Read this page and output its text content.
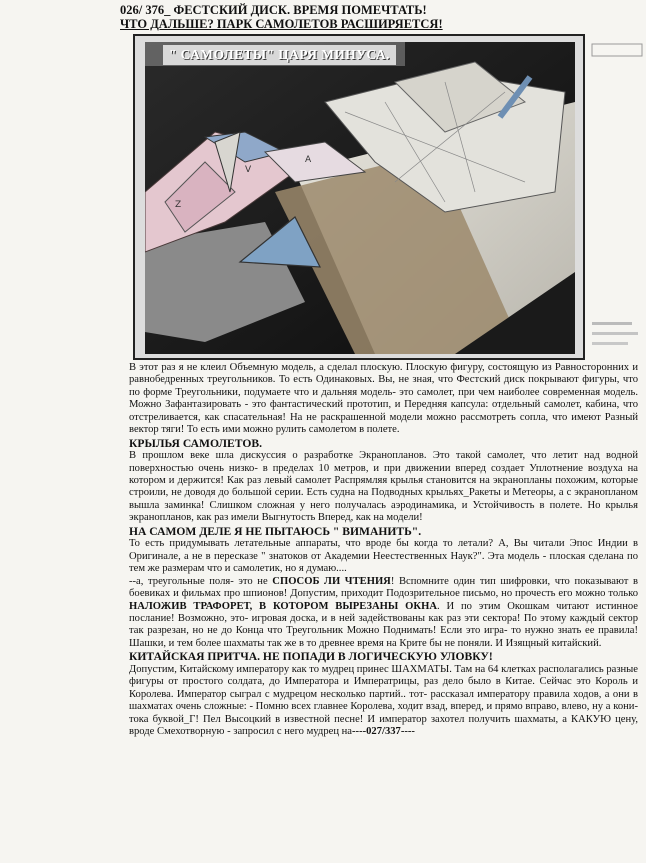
026/ 376_ ФЕСТСКИЙ ДИСК. ВРЕМЯ ПОМЕЧТАТЬ!
ЧТО ДАЛЬШЕ? ПАРК САМОЛЕТОВ РАСШИРЯЕТСЯ!
Z
V
A
" САМОЛЕТЫ" ЦАРЯ МИНУСА.

В этот раз я не клеил Объемную модель, а сделал плоскую. Плоскую фигуру, состоящую из Равносторонних и равнобедренных треугольников. То есть Одинаковых. Вы, не зная, что Фестский диск покрывают фигуры, что по форме Треугольники, подумаете что и дальняя модель- это самолет, при чем наиболее современная модель. Можно Зафантазировать - это фантастический прототип, и Передняя капсула: отдельный самолет, кабина, что отстреливается, как спасательная! На не раскрашенной модели можно рассмотреть сопла, что имеют Разный вектор тяги! То есть ими можно рулить самолетом в полете.

КРЫЛЬЯ САМОЛЕТОВ.

В прошлом веке шла дискуссия о разработке Экранопланов. Это такой самолет, что летит над водной поверхностью очень низко- в пределах 10 метров, и при движении вперед создает Уплотнение воздуха на котором и держится! Как раз левый самолет Распрямляя крылья становится на экранопланы похожим, которые строили, не доводя до большой серии. Есть судна на Подводных крыльях_Ракеты и Метеоры, а с экранопланом вышла заминка! Слишком сложная у него получалась аэродинамика, и Устойчивость в полете. Но крылья экранопланов, как раз имели Выгнутость Вперед, как на модели!

НА САМОМ ДЕЛЕ Я НЕ ПЫТАЮСЬ " ВИМАНИТЬ".

То есть придумывать летательные аппараты, что вроде бы когда то летали? А, Вы читали Эпос Индии в Оригинале, а не в пересказе " знатоков от Академии Неестественных Наук?". Эта модель - плоская сделана по тем же размерам что и самолетик, но я думаю....

--а, треугольные поля- это не СПОСОБ ЛИ ЧТЕНИЯ! Вспомните один тип шифровки, что показывают в боевиках и фильмах про шпионов! Допустим, приходит Подозрительное письмо, но прочесть его можно только НАЛОЖИВ ТРАФОРЕТ, В КОТОРОМ ВЫРЕЗАНЫ ОКНА. И по этим Окошкам читают истинное послание! Возможно, это- игровая доска, и в ней задействованы как раз эти сектора! По этому каждый сектор так разрезан, но не до Конца что Треугольник Можно Поднимать! Если это игра- то нужно знать ее правила! Шашки, и тем более шахматы так же в то древнее время на Крите бы не поняли. И Изящный китайский.

КИТАЙСКАЯ ПРИТЧА. НЕ ПОПАДИ В ЛОГИЧЕСКУЮ УЛОВКУ!

Допустим, Китайскому императору как то мудрец принес ШАХМАТЫ. Там на 64 клетках располагались разные фигуры от простого солдата, до Императора и Императрицы, раз дело было в Китае. Сейчас это Король и Королева. Император сыграл с мудрецом несколько партий.. тот- рассказал императору правила ходов, а они в шахматах очень сложные: - Помню всех главнее Королева, ходит взад, вперед, и прямо вправо, влево, ну а кони- тока буквой_Г! Пел Высоцкий в известной песне! И император захотел получить шахматы, а КАКУЮ цену, вроде Смехотворную - запросил с него мудрец на----027/337----
